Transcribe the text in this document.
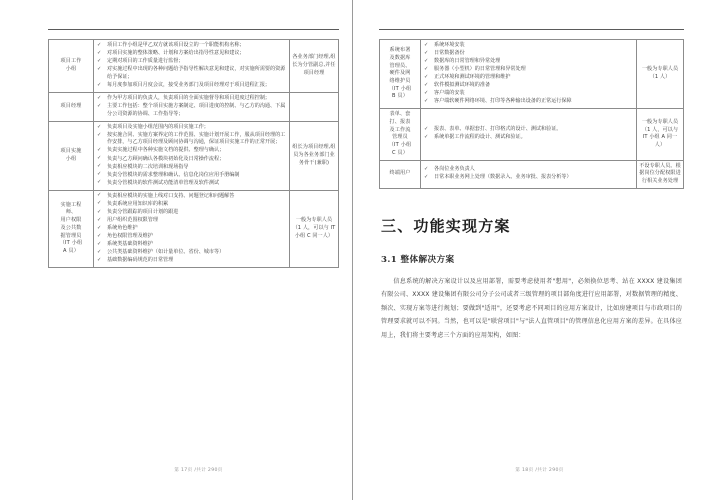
项目工作
小组

✓ 项目工作小组是甲乙双方就该项目设立的一个职能机构名称；
✓ 对项目实施的整体策略、计划和方案给出指导性意见和建议；
✓ 定期对项目的工作质量进行监督；
✓ 对实施过程中出现的各种问题给予指导性解决意见和建议，对实施所需要的资源给予保证；
✓ 每月度参加项目月度会议，接受业务部门及项目经理对于项目进程汇报；
	各业务部门经理,组长为分管副总,并任项目经理

项目经理

✓ 作为甲方项目的负责人，负责项目的全面实施督导和项目进度过程控制；
✓ 主要工作包括：整个项目实施方案制定、项目进度的控制、与乙方的沟通、下属分公司资源的协调、工作指导等；

项目实施
小组

✓ 负责项目及实施小组范围内的项目实施工作；
✓ 按实施合同、实施方案界定的工作范围、实施计划开展工作，服从项目经理的工作安排，与乙方项目经理及顾问协调与沟通，保证项目实施工作的正常开展；
✓ 负责实施过程中各种实施文档的提供、整理与确认；
✓ 负责与乙方顾问确认各模块初始化及日常操作流程；
✓ 负责相应模块的二次培训和现场指导
✓ 负责分管模块的需求整理和确认、信息化岗位应用手册编制
✓ 负责分管模块的软件测试功能清单管理及软件测试
	组长为项目经理,组员为各业务部门业务骨干(兼职)

实施工程
师、
用户权限
及公共数
据管理员
（IT 小组
A 员）

✓ 负责相应模块的实施上线对口支持、问题登记和问题解答
✓ 负责系统应用知识库的积累
✓ 负责分管跟踪的项目计划的跟进
✓ 用户组织范围权限管理
✓ 系统角色维护
✓ 角色权限管理及维护
✓ 系统类基础资料维护
✓ 公共类基础资料维护（如计量单位、省份、城市等）
✓ 基础数据编码规范的日常管理
	一般为专职人员（1 人，可以与 IT 小组 C 同一人）
第 17页 /共计 290页
系统布署
及数据库
管理员、
硬件及网
络维护员
（IT 小组
B 员）

✓ 系统环境安装
✓ 日常数据备份
✓ 数据库的日常管理和异常处理
✓ 服务器（小型机）的日常管理和异常处理
✓ 正式环境和测试环境的管理和维护
✓ 软件模拟测试环境的准备
✓ 客户端的安装
✓ 客户端软硬件网络环境、打印等各种输出设备的正常运行保障
	一般为专职人员（1 人）

表单、套
打、报表
及工作流
管理员
（IT 小组
C 员）

✓ 报表、表单、单据套打、打印格式的设计、测试和验证。
✓ 系统单据工作流程的设计、测试和验证。
	一般为专职人员（1 人，可以与 IT 小组 A 同一人）

终端用户

✓ 各岗位业务负责人
✓ 日常本职业务网上处理（数据录入、业务审批、报表分析等）
	不设专职人员。根据岗位分配权限进行相关业务处理
三、功能实现方案
3.1 整体解决方案

信息系统的解决方案设计以及应用部署，需要考虑使用者"想用"，必须换位思考、站在 XXXX 建设集团有限公司、XXXX 建设集团有限公司分子公司或者三级管理的项目部角度进行应用部署，对数据管理的精度、频次、实现方案等进行规划；要做到"适用"，还要考虑不同项目的应用方案设计，比如房建项目与市政项目的管理要求就可以不同。当然，也可以是"联营项目"与"法人直管项目"的管理信息化应用方案的差异。在具体应用上，我们将主要考虑三个方面的应用架构，如图：

第 18页 /共计 290页
